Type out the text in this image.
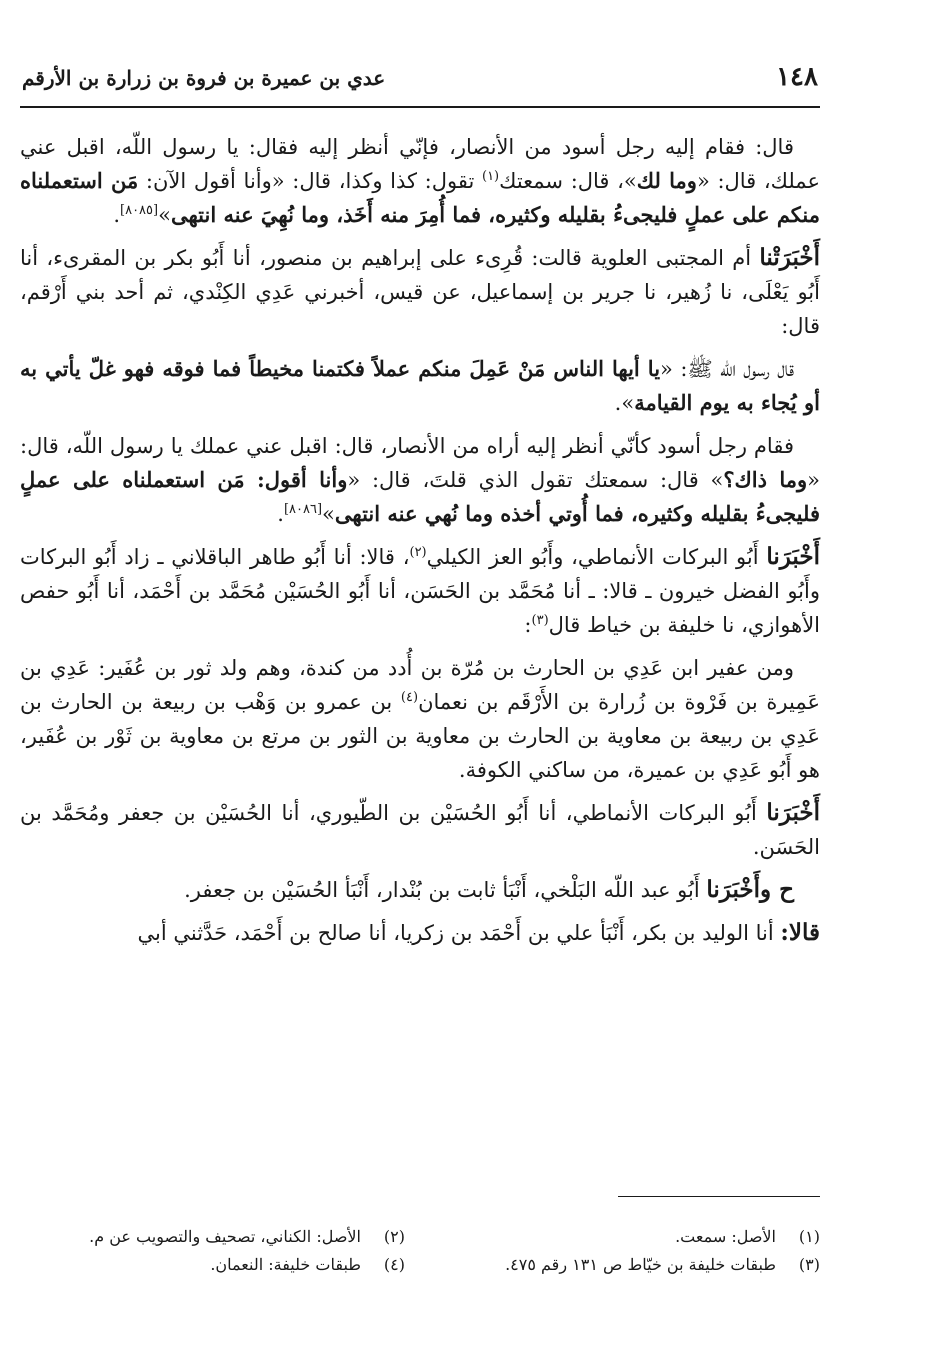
١٤٨
عدي بن عميرة بن فروة بن زرارة بن الأرقم

قال: فقام إليه رجل أسود من الأنصار، فإنّي أنظر إليه فقال: يا رسول اللّه، اقبل عني عملك، قال: «وما لك»، قال: سمعتك$^{(١)}$ تقول: كذا وكذا، قال: «وأنا أقول الآن: مَن استعملناه منكم على عملٍ فليجىءُ بقليله وكثيره، فما أُمِرَ منه أَخَذ، وما نُهِيَ عنه انتهى»[٨٠٨٥].

أَخْبَرَتْنا أم المجتبى العلوية قالت: قُرِىء على إبراهيم بن منصور، أنا أَبُو بكر بن المقرىء، أنا أَبُو يَعْلَى، نا زُهير، نا جرير بن إسماعيل، عن قيس، أخبرني عَدِي الكِنْدي، ثم أحد بني أَرْقم، قال:

قال رسول اللّه ﷺ: «يا أيها الناس مَنْ عَمِلَ منكم عملاً فكتمنا مخيطاً فما فوقه فهو غلّ يأتي به أو يُجاء به يوم القيامة».

فقام رجل أسود كأنّي أنظر إليه أراه من الأنصار، قال: اقبل عني عملك يا رسول اللّه، قال: «وما ذاك؟» قال: سمعتك تقول الذي قلتَ، قال: «وأنا أقول: مَن استعملناه على عملٍ فليجىءُ بقليله وكثيره، فما أُوتي أخذه وما نُهي عنه انتهى»[٨٠٨٦].

أَخْبَرَنا أَبُو البركات الأنماطي، وأَبُو العز الكيلي$^{(٢)}$، قالا: أنا أَبُو طاهر الباقلاني ـ زاد أَبُو البركات وأَبُو الفضل خيرون ـ قالا: ـ أنا مُحَمَّد بن الحَسَن، أنا أَبُو الحُسَيْن مُحَمَّد بن أَحْمَد، أنا أَبُو حفص الأهوازي، نا خليفة بن خياط قال$^{(٣)}$:

ومن عفير ابن عَدِي بن الحارث بن مُرّة بن أُدد من كندة، وهم ولد ثور بن عُفَير: عَدِي بن عَمِيرة بن فَرْوة بن زُرارة بن الأَرْقَم بن نعمان$^{(٤)}$ بن عمرو بن وَهْب بن ربيعة بن الحارث بن عَدِي بن ربيعة بن معاوية بن الحارث بن معاوية بن الثور بن مرتع بن معاوية بن ثَوْر بن عُفَير، هو أَبُو عَدِي بن عميرة، من ساكني الكوفة.

أَخْبَرَنا أَبُو البركات الأنماطي، أنا أَبُو الحُسَيْن بن الطّيوري، أنا الحُسَيْن بن جعفر ومُحَمَّد بن الحَسَن.

ح وأَخْبَرَنا أَبُو عبد اللّه البَلْخي، أَنْبَأ ثابت بن بُنْدار، أَنْبَأ الحُسَيْن بن جعفر.

قالا: أنا الوليد بن بكر، أَنْبَأ علي بن أَحْمَد بن زكريا، أنا صالح بن أَحْمَد، حَدَّثني أبي

(١)الأصل: سمعت.
(٢)الأصل: الكناني، تصحيف والتصويب عن م.
(٣)طبقات خليفة بن خيّاط ص ١٣١ رقم ٤٧٥.
(٤)طبقات خليفة: النعمان.
